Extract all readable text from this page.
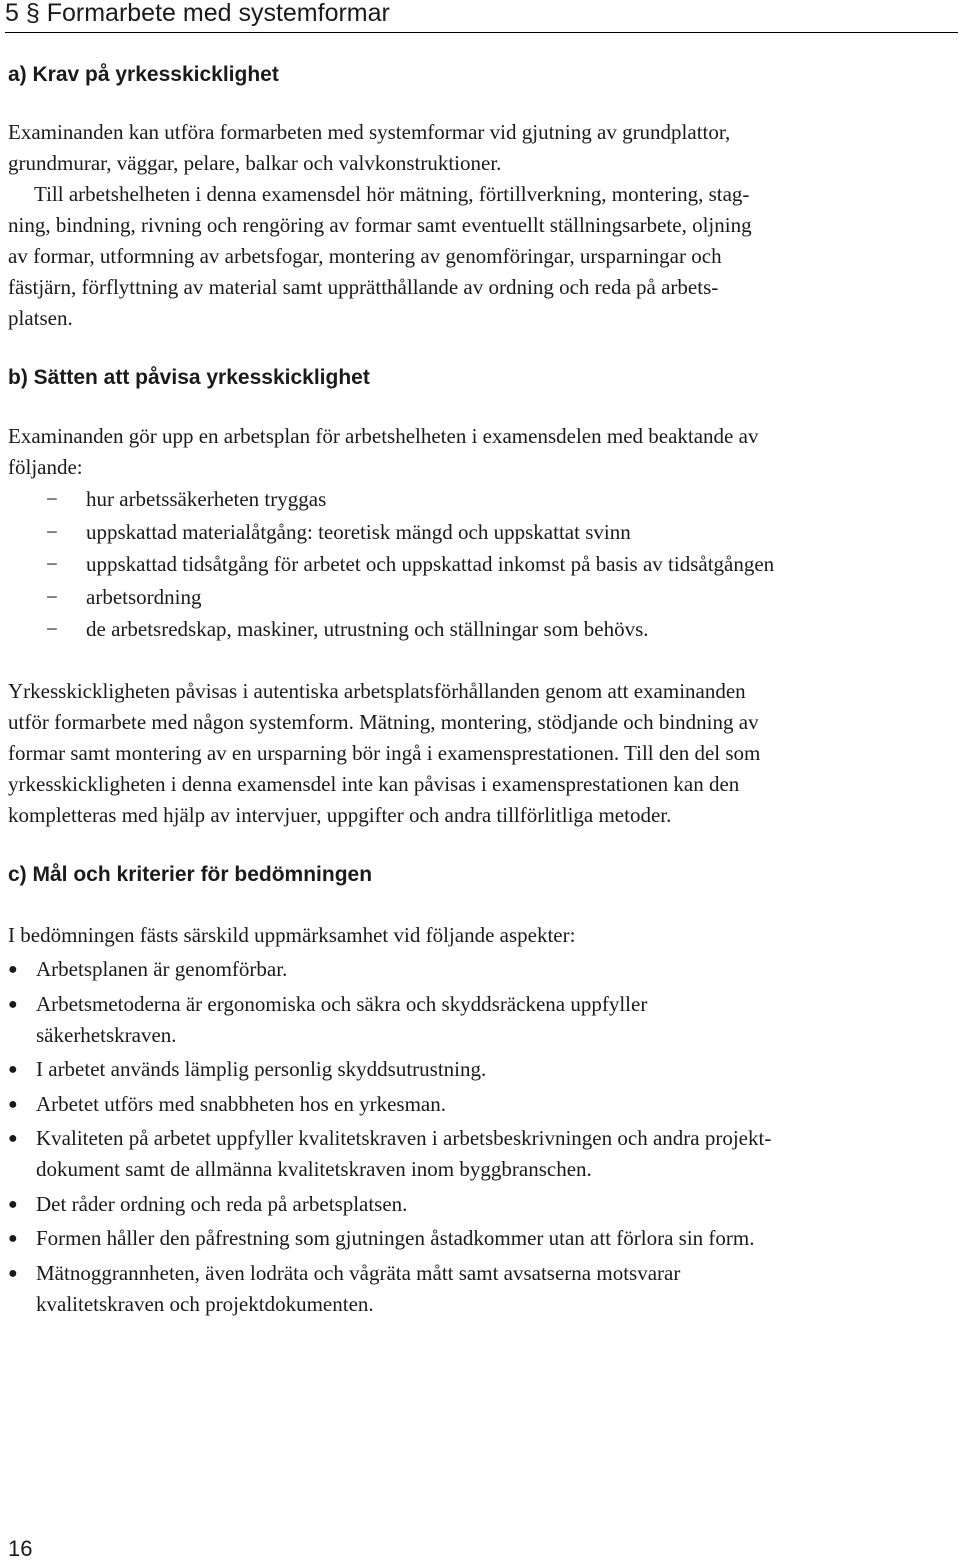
5 § Formarbete med systemformar
a) Krav på yrkesskicklighet
Examinanden kan utföra formarbeten med systemformar vid gjutning av grundplattor,
grundmurar, väggar, pelare, balkar och valvkonstruktioner.
Till arbetshelheten i denna examensdel hör mätning, förtillverkning, montering, stag-
ning, bindning, rivning och rengöring av formar samt eventuellt ställningsarbete, oljning
av formar, utformning av arbetsfogar, montering av genomföringar, ursparningar och
fästjärn, förflyttning av material samt upprätthållande av ordning och reda på arbets-
platsen.
b) Sätten att påvisa yrkesskicklighet
Examinanden gör upp en arbetsplan för arbetshelheten i examensdelen med beaktande av
följande:
− hur arbetssäkerheten tryggas
− uppskattad materialåtgång: teoretisk mängd och uppskattat svinn
− uppskattad tidsåtgång för arbetet och uppskattad inkomst på basis av tidsåtgången
− arbetsordning
− de arbetsredskap, maskiner, utrustning och ställningar som behövs.
Yrkesskickligheten påvisas i autentiska arbetsplatsförhållanden genom att examinanden
utför formarbete med någon systemform. Mätning, montering, stödjande och bindning av
formar samt montering av en ursparning bör ingå i examensprestationen. Till den del som
yrkesskickligheten i denna examensdel inte kan påvisas i examensprestationen kan den
kompletteras med hjälp av intervjuer, uppgifter och andra tillförlitliga metoder.
c) Mål och kriterier för bedömningen
I bedömningen fästs särskild uppmärksamhet vid följande aspekter:
● Arbetsplanen är genomförbar.
● Arbetsmetoderna är ergonomiska och säkra och skyddsräckena uppfyller
säkerhetskraven.
● I arbetet används lämplig personlig skyddsutrustning.
● Arbetet utförs med snabbheten hos en yrkesman.
● Kvaliteten på arbetet uppfyller kvalitetskraven i arbetsbeskrivningen och andra projekt-
dokument samt de allmänna kvalitetskraven inom byggbranschen.
● Det råder ordning och reda på arbetsplatsen.
● Formen håller den påfrestning som gjutningen åstadkommer utan att förlora sin form.
● Mätnoggrannheten, även lodräta och vågräta mått samt avsatserna motsvarar
kvalitetskraven och projektdokumenten.
16
